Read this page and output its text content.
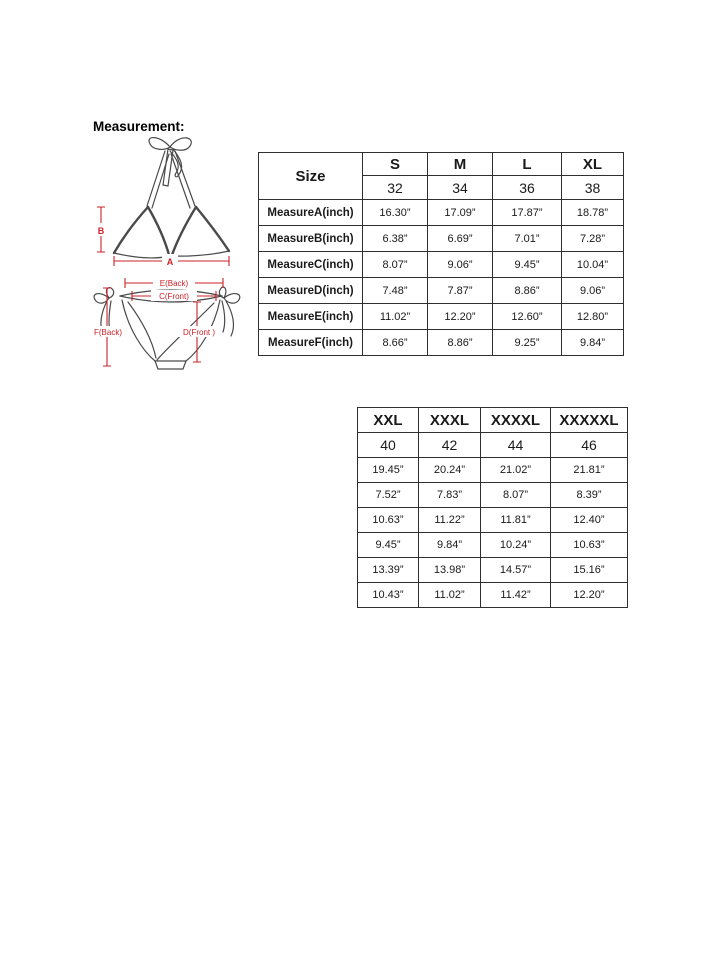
Measurement:
B
A
E(Back)
C(Front)
F(Back)	D(Front )
Size	S	M	L	XL
	32	34	36	38
MeasureA(inch)	16.30”	17.09”	17.87”	18.78”
MeasureB(inch)	6.38”	6.69”	7.01”	7.28”
MeasureC(inch)	8.07”	9.06”	9.45”	10.04”
MeasureD(inch)	7.48”	7.87”	8.86”	9.06”
MeasureE(inch)	11.02”	12.20”	12.60”	12.80”
MeasureF(inch)	8.66”	8.86”	9.25”	9.84”
XXL	XXXL	XXXXL	XXXXXL
40	42	44	46
19.45”	20.24”	21.02”	21.81”
7.52”	7.83”	8.07”	8.39”
10.63”	11.22”	11.81”	12.40”
9.45”	9.84”	10.24”	10.63”
13.39”	13.98”	14.57”	15.16”
10.43”	11.02”	11.42”	12.20”
